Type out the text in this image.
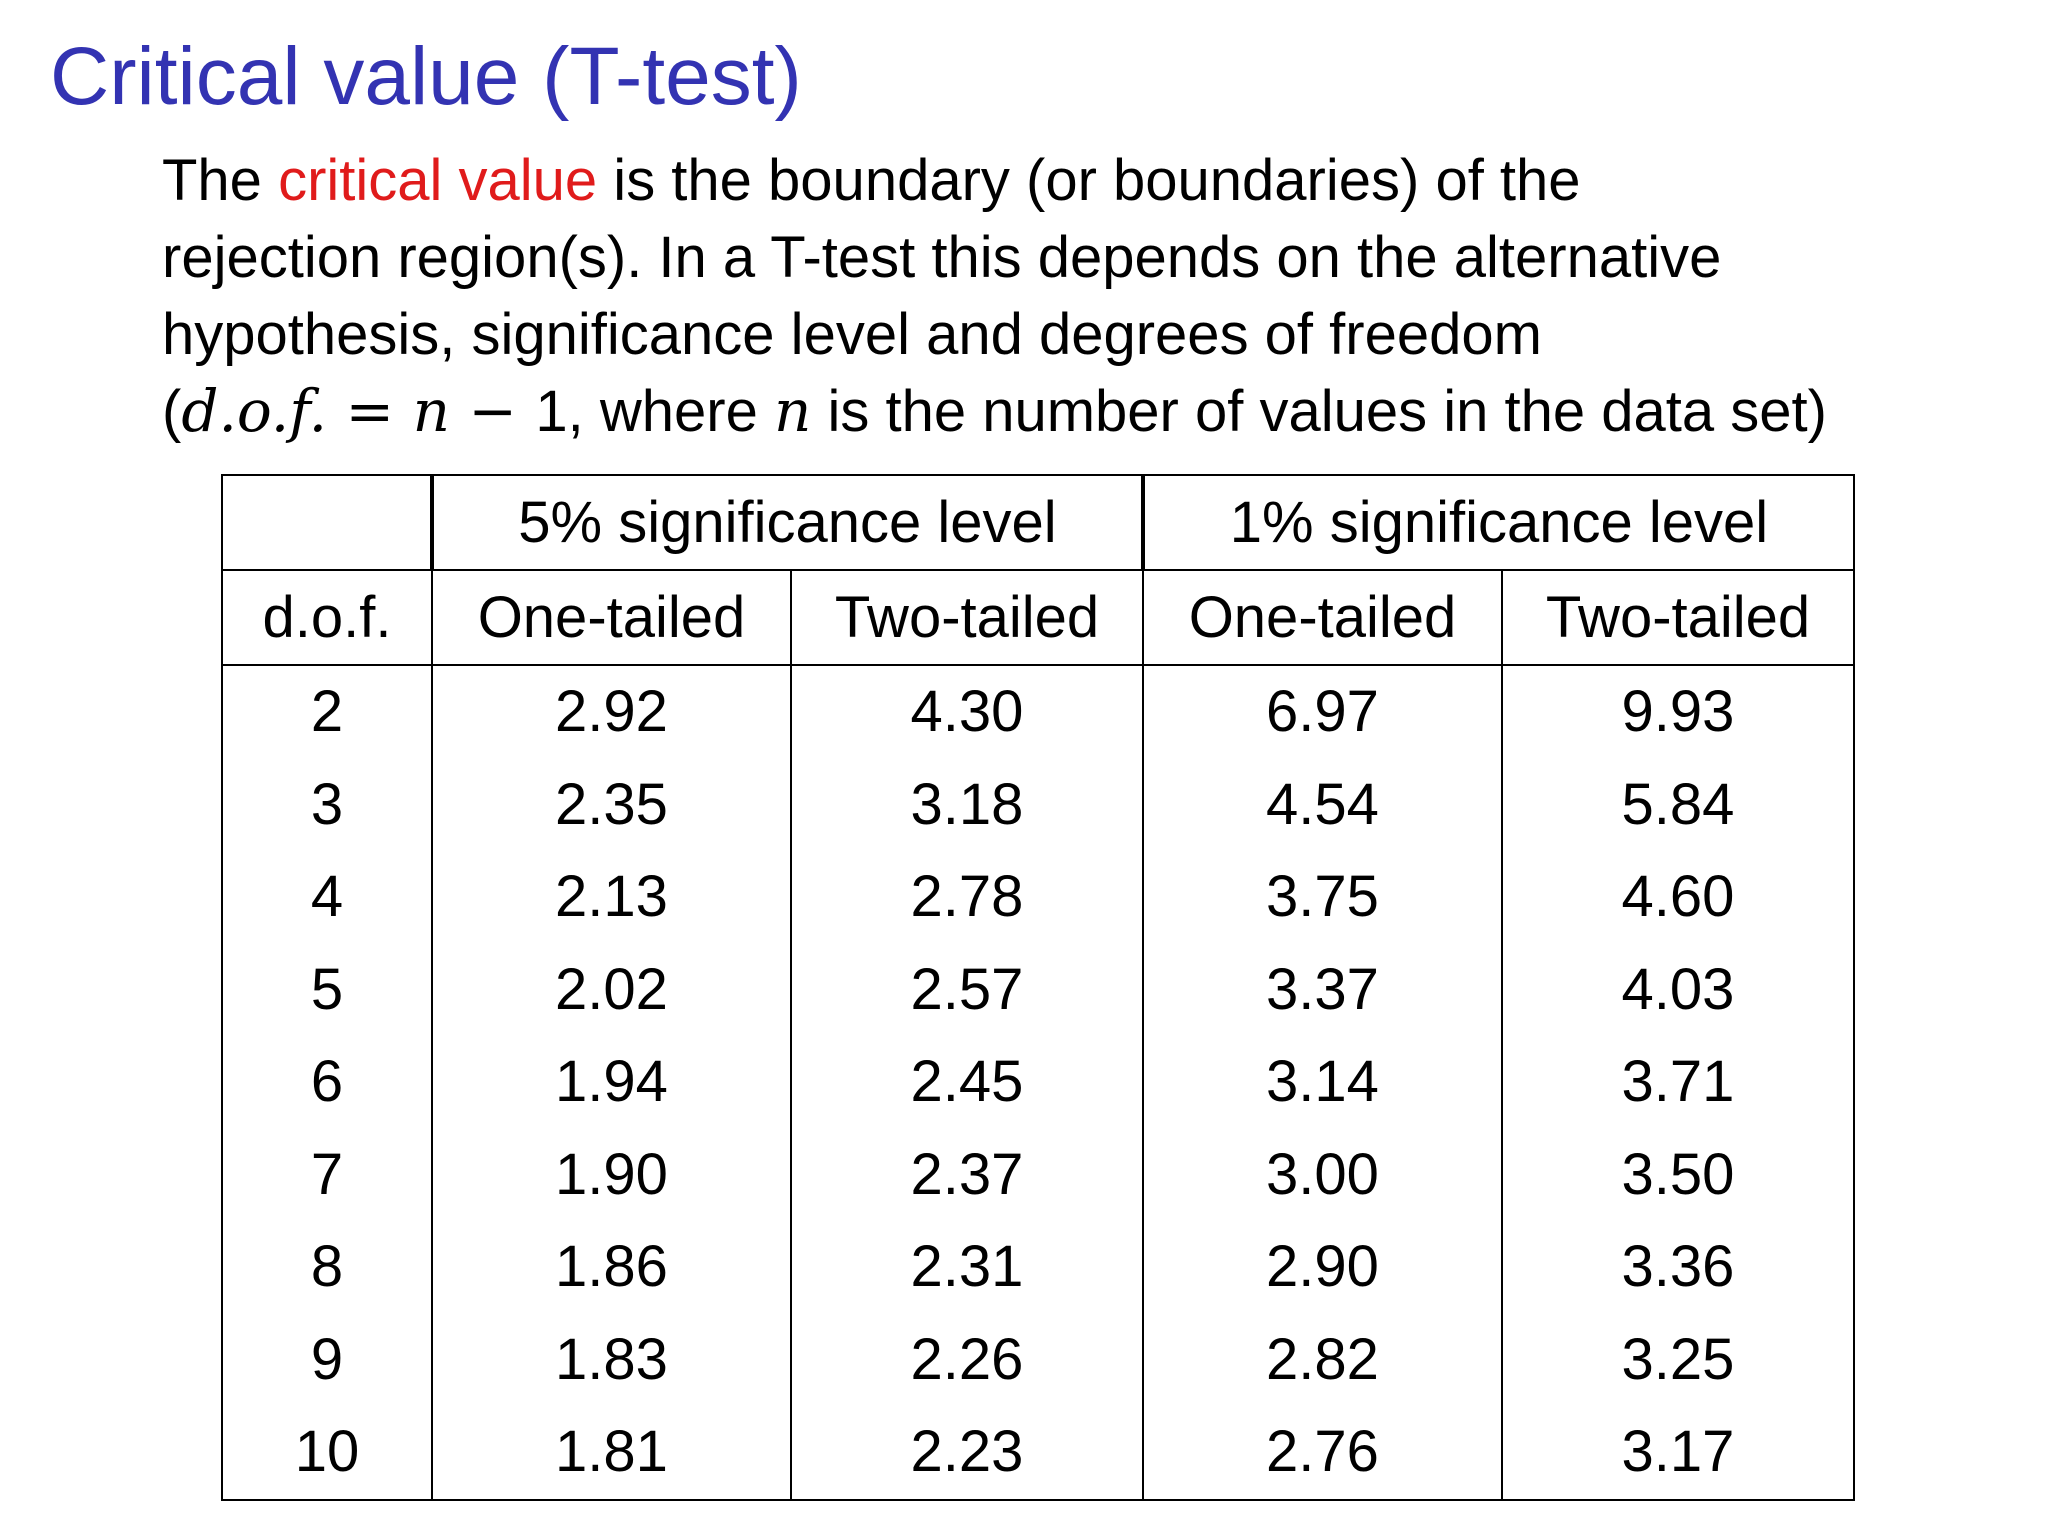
Critical value (T-test)
The critical value is the boundary (or boundaries) of the
rejection region(s). In a T-test this depends on the alternative
hypothesis, significance level and degrees of freedom
(d.o.f. = n − 1, where n is the number of values in the data set)
	5% significance level		1% significance level	
d.o.f.	One-tailed	Two-tailed	One-tailed	Two-tailed
2	2.92	4.30	6.97	9.93
3	2.35	3.18	4.54	5.84
4	2.13	2.78	3.75	4.60
5	2.02	2.57	3.37	4.03
6	1.94	2.45	3.14	3.71
7	1.90	2.37	3.00	3.50
8	1.86	2.31	2.90	3.36
9	1.83	2.26	2.82	3.25
10	1.81	2.23	2.76	3.17
